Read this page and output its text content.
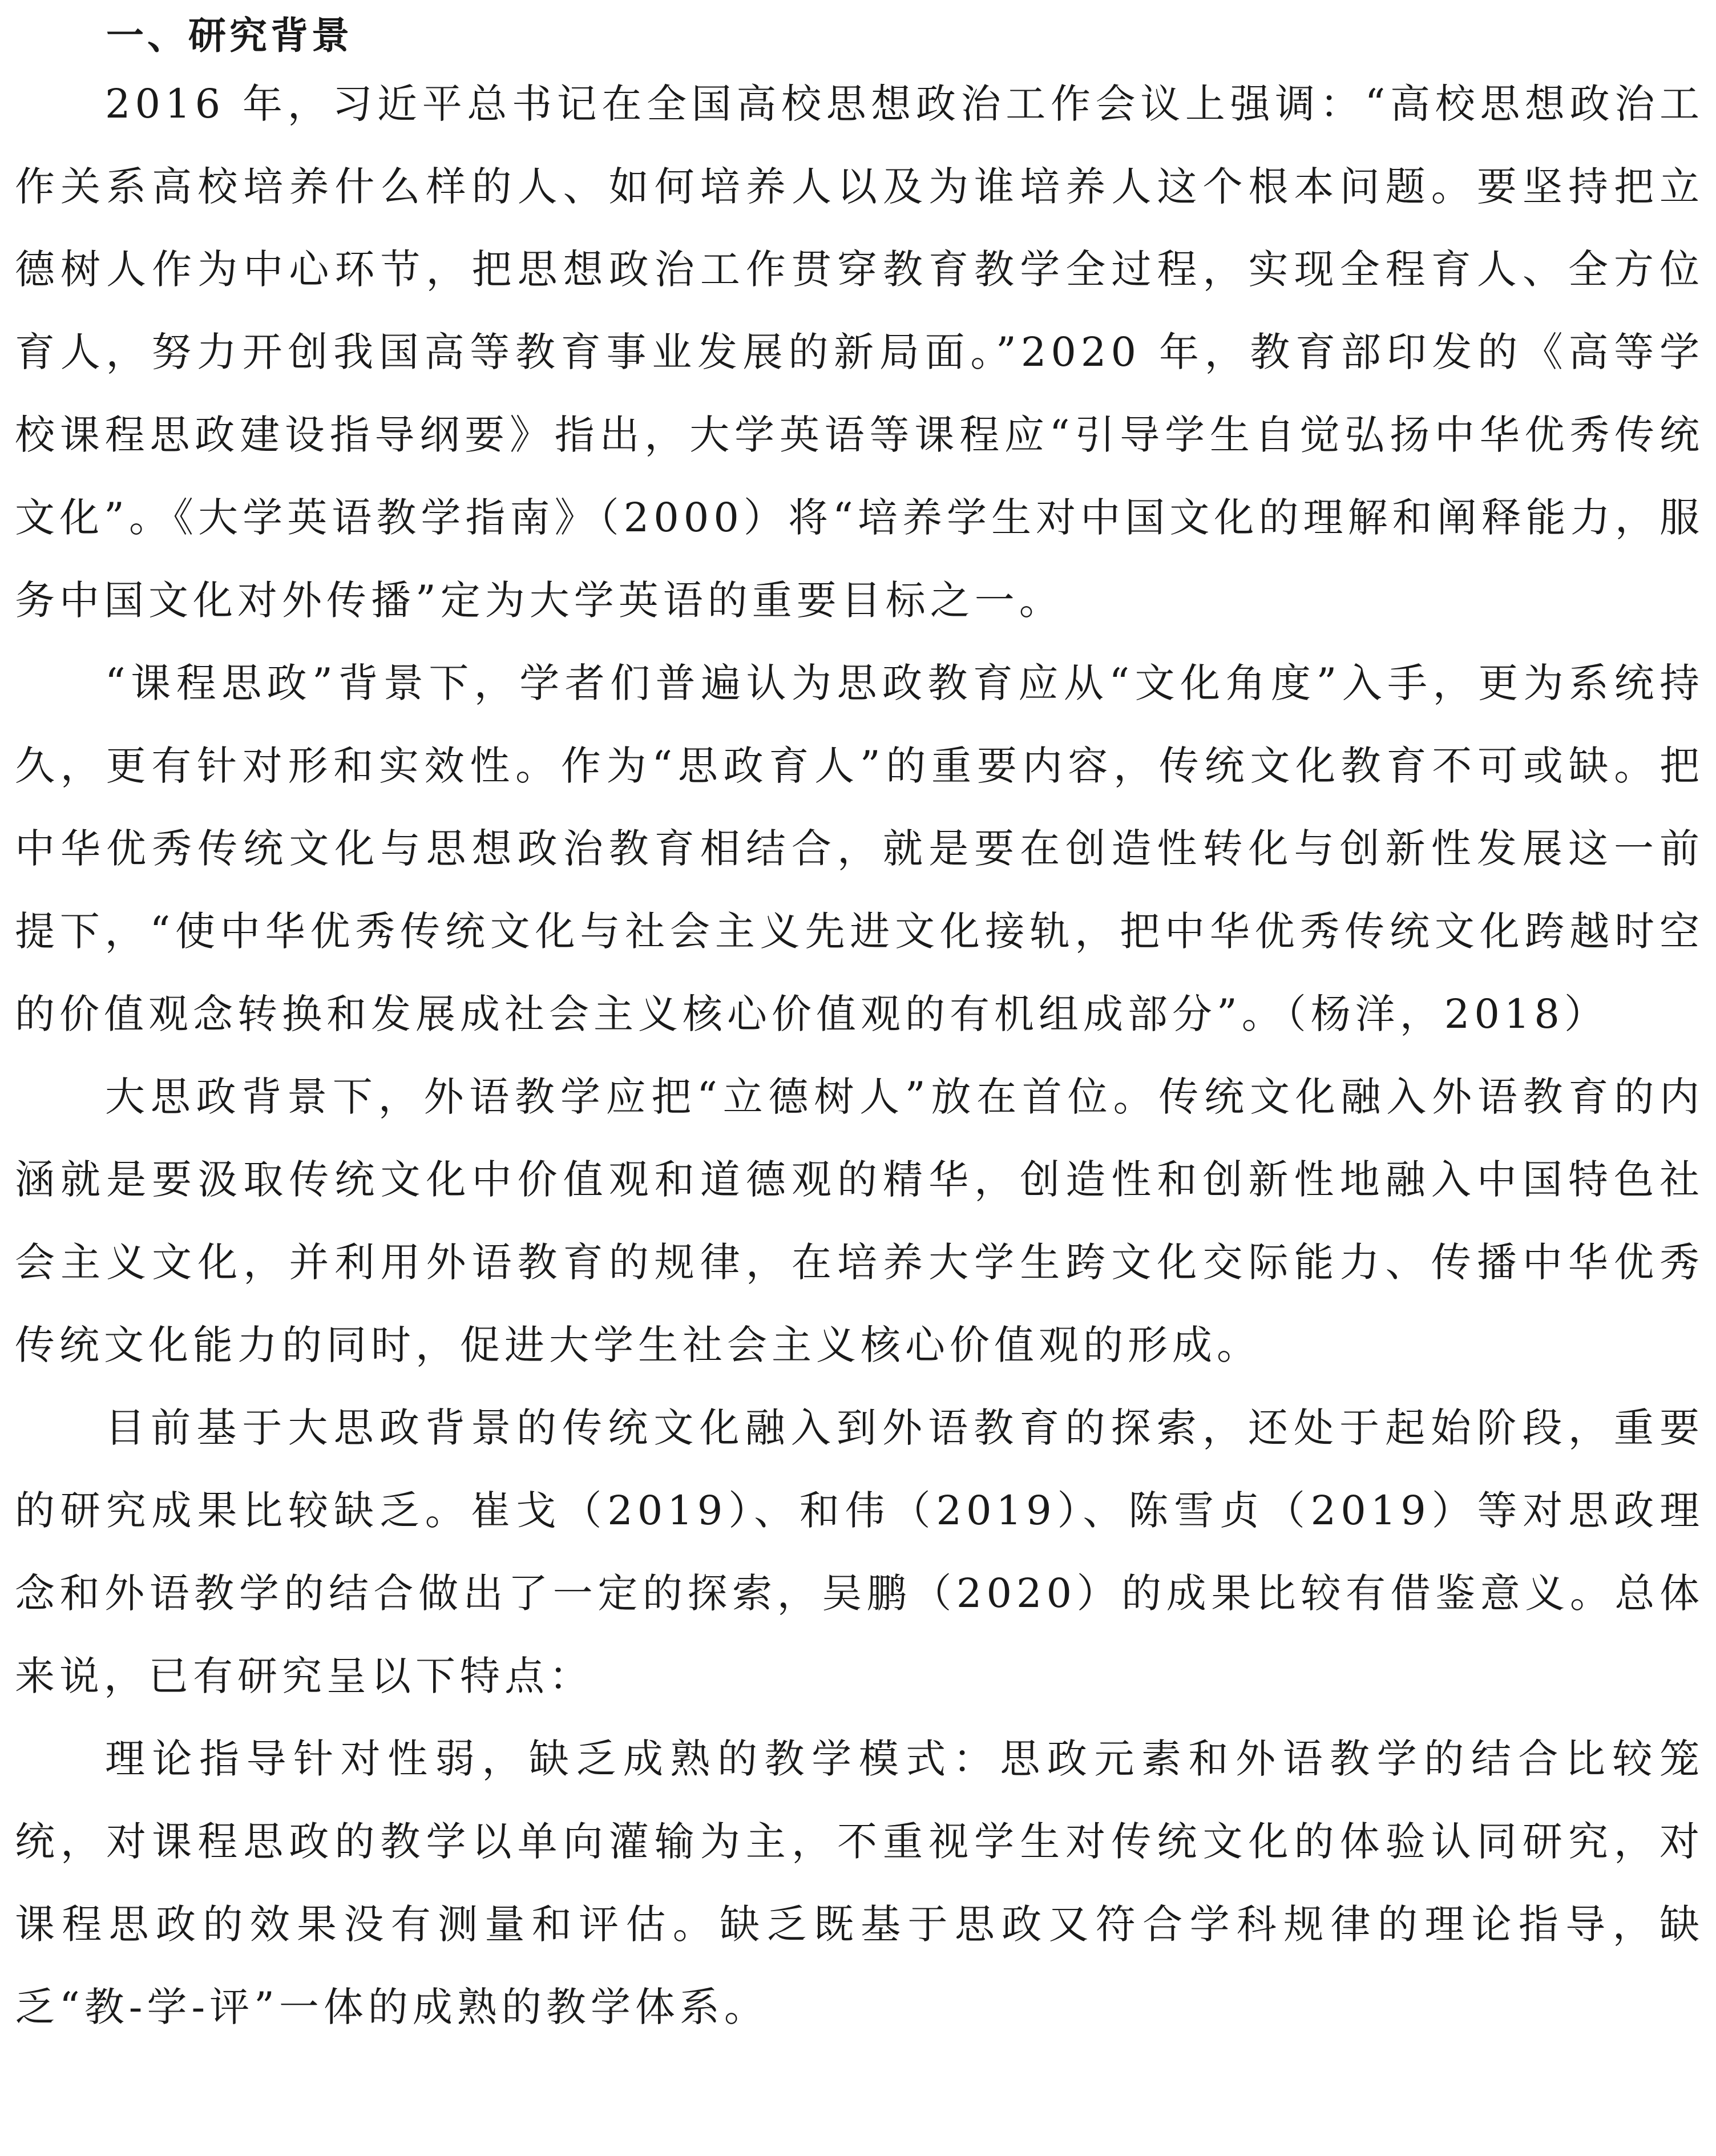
一、研究背景

2016 年，习近平总书记在全国高校思想政治工作会议上强调：“高校思想政治工作关系高校培养什么样的人、如何培养人以及为谁培养人这个根本问题。要坚持把立德树人作为中心环节，把思想政治工作贯穿教育教学全过程，实现全程育人、全方位育人，努力开创我国高等教育事业发展的新局面。”2020 年，教育部印发的《高等学校课程思政建设指导纲要》指出，大学英语等课程应“引导学生自觉弘扬中华优秀传统文化”。《大学英语教学指南》（2000）将“培养学生对中国文化的理解和阐释能力，服务中国文化对外传播”定为大学英语的重要目标之一。

“课程思政”背景下，学者们普遍认为思政教育应从“文化角度”入手，更为系统持久，更有针对形和实效性。作为“思政育人”的重要内容，传统文化教育不可或缺。把中华优秀传统文化与思想政治教育相结合，就是要在创造性转化与创新性发展这一前提下，“使中华优秀传统文化与社会主义先进文化接轨，把中华优秀传统文化跨越时空的价值观念转换和发展成社会主义核心价值观的有机组成部分”。（杨洋，2018）

大思政背景下，外语教学应把“立德树人”放在首位。传统文化融入外语教育的内涵就是要汲取传统文化中价值观和道德观的精华，创造性和创新性地融入中国特色社会主义文化，并利用外语教育的规律，在培养大学生跨文化交际能力、传播中华优秀传统文化能力的同时，促进大学生社会主义核心价值观的形成。

目前基于大思政背景的传统文化融入到外语教育的探索，还处于起始阶段，重要的研究成果比较缺乏。崔戈（2019）、和伟（2019）、陈雪贞（2019）等对思政理念和外语教学的结合做出了一定的探索，吴鹏（2020）的成果比较有借鉴意义。总体来说，已有研究呈以下特点：

理论指导针对性弱，缺乏成熟的教学模式：思政元素和外语教学的结合比较笼统，对课程思政的教学以单向灌输为主，不重视学生对传统文化的体验认同研究，对课程思政的效果没有测量和评估。缺乏既基于思政又符合学科规律的理论指导，缺乏“教-学-评”一体的成熟的教学体系。
